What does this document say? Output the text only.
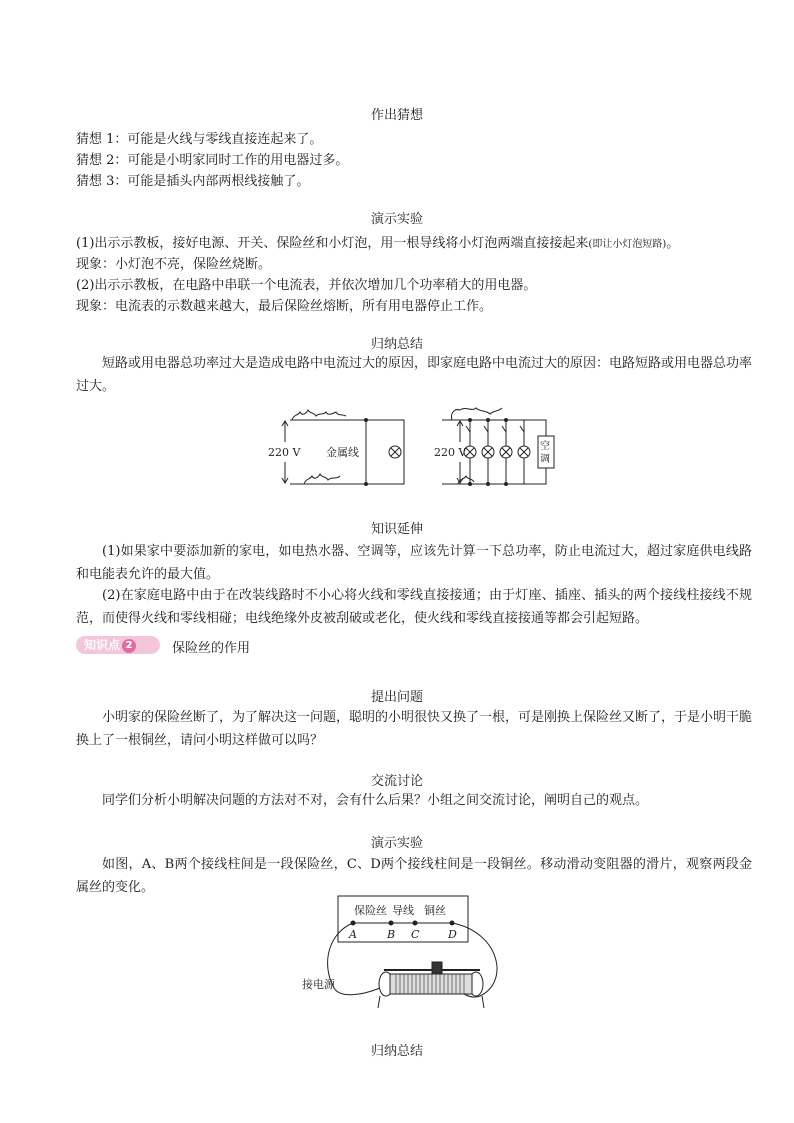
作出猜想
猜想 1：可能是火线与零线直接连起来了。
猜想 2：可能是小明家同时工作的用电器过多。
猜想 3：可能是插头内部两根线接触了。
演示实验
(1)出示示教板，接好电源、开关、保险丝和小灯泡，用一根导线将小灯泡两端直接接起来(即让小灯泡短路)。
现象：小灯泡不亮，保险丝烧断。
(2)出示示教板，在电路中串联一个电流表，并依次增加几个功率稍大的用电器。
现象：电流表的示数越来越大，最后保险丝熔断，所有用电器停止工作。
归纳总结
短路或用电器总功率过大是造成电路中电流过大的原因，即家庭电路中电流过大的原因：电路短路或用电器总功率过大。
220 V 金属线	220 V	空
调
知识延伸
(1)如果家中要添加新的家电，如电热水器、空调等，应该先计算一下总功率，防止电流过大，超过家庭供电线路和电能表允许的最大值。
(2)在家庭电路中由于在改装线路时不小心将火线和零线直接接通；由于灯座、插座、插头的两个接线柱接线不规范，而使得火线和零线相碰；电线绝缘外皮被刮破或老化，使火线和零线直接接通等都会引起短路。
知识点 2	保险丝的作用
提出问题
小明家的保险丝断了，为了解决这一问题，聪明的小明很快又换了一根，可是刚换上保险丝又断了，于是小明干脆换上了一根铜丝，请问小明这样做可以吗？
交流讨论
同学们分析小明解决问题的方法对不对，会有什么后果？小组之间交流讨论，阐明自己的观点。
演示实验
如图，A、B两个接线柱间是一段保险丝，C、D两个接线柱间是一段铜丝。移动滑动变阻器的滑片，观察两段金属丝的变化。
保险丝 导线 铜丝
A	B C	D
接电源
归纳总结
